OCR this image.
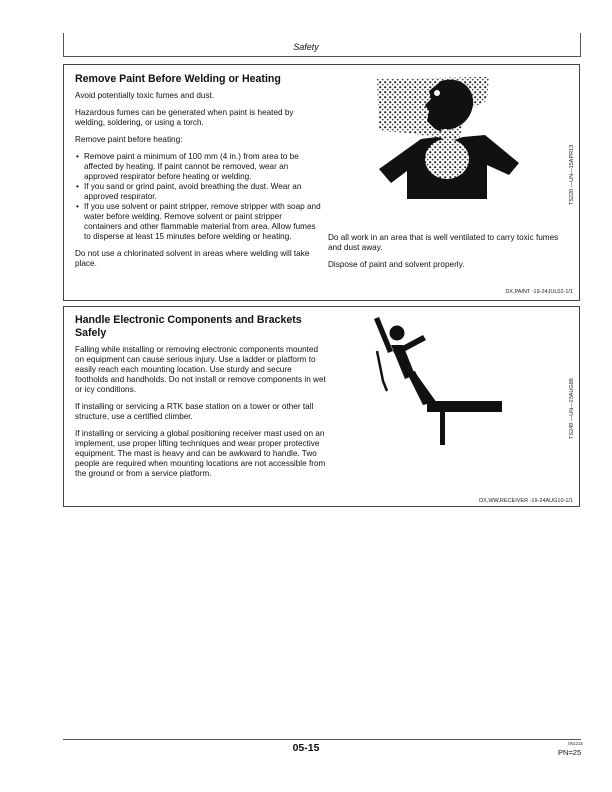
Safety
Remove Paint Before Welding or Heating

Avoid potentially toxic fumes and dust.

Hazardous fumes can be generated when paint is heated by welding, soldering, or using a torch.

Remove paint before heating:

• Remove paint a minimum of 100 mm (4 in.) from area to be affected by heating. If paint cannot be removed, wear an approved respirator before heating or welding.
• If you sand or grind paint, avoid breathing the dust. Wear an approved respirator.
• If you use solvent or paint stripper, remove stripper with soap and water before welding. Remove solvent or paint stripper containers and other flammable material from area. Allow fumes to disperse at least 15 minutes before welding or heating.

Do not use a chlorinated solvent in areas where welding will take place.

TS220 —UN—15APR13

Do all work in an area that is well ventilated to carry toxic fumes and dust away.

Dispose of paint and solvent properly.

DX,PAINT -19-24JUL02-1/1
Handle Electronic Components and Brackets
Safely

Falling while installing or removing electronic components mounted on equipment can cause serious injury. Use a ladder or platform to easily reach each mounting location. Use sturdy and secure footholds and handholds. Do not install or remove components in wet or icy conditions.

If installing or servicing a RTK base station on a tower or other tall structure, use a certified climber.

If installing or servicing a global positioning receiver mast used on an implement, use proper lifting techniques and wear proper protective equipment. The mast is heavy and can be awkward to handle. Two people are required when mounting locations are not accessible from the ground or from a service platform.

TS249 —UN—23AUG88
DX,WW,RECEIVER -19-24AUG10-1/1
05-15	081215
PN=25
